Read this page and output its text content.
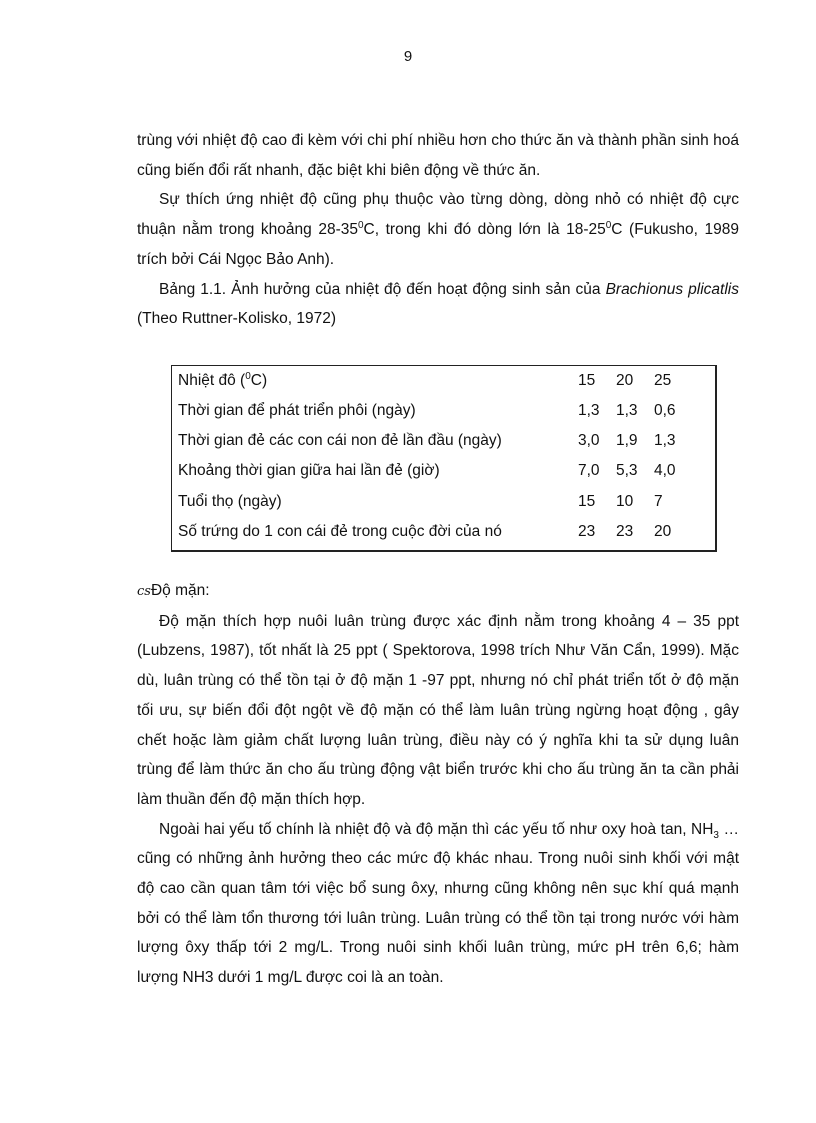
9

trùng với nhiệt độ cao đi kèm với chi phí nhiều hơn cho thức ăn và thành phần sinh hoá cũng biến đổi rất nhanh, đặc biệt khi biên động về thức ăn.

Sự thích ứng nhiệt độ cũng phụ thuộc vào từng dòng, dòng nhỏ có nhiệt độ cực thuận nằm trong khoảng $28-35^0C$, trong khi đó dòng lớn là $18-25^0C$ (Fukusho, 1989 trích bởi Cái Ngọc Bảo Anh).

Bảng 1.1. Ảnh hưởng của nhiệt độ đến hoạt động sinh sản của Brachionus plicatlis (Theo Ruttner-Kolisko, 1972)

Nhiệt đô ($^0$C)	15	20	25
Thời gian để phát triển phôi (ngày)	1,3	1,3	0,6
Thời gian đẻ các con cái non đẻ lần đầu (ngày)	3,0	1,9	1,3
Khoảng thời gian giữa hai lần đẻ (giờ)	7,0	5,3	4,0
Tuổi thọ (ngày)	15	10	7
Số trứng do 1 con cái đẻ trong cuộc đời của nó	23	23	20

csĐộ mặn:

Độ mặn thích hợp nuôi luân trùng được xác định nằm trong khoảng 4 – 35 ppt (Lubzens, 1987), tốt nhất là 25 ppt ( Spektorova, 1998 trích Như Văn Cẩn, 1999). Mặc dù, luân trùng có thể tồn tại ở độ mặn 1 -97 ppt, nhưng nó chỉ phát triển tốt ở độ mặn tối ưu, sự biến đổi đột ngột về độ mặn có thể làm luân trùng ngừng hoạt động , gây chết hoặc làm giảm chất lượng luân trùng, điều này có ý nghĩa khi ta sử dụng luân trùng để làm thức ăn cho ấu trùng động vật biển trước khi cho ấu trùng ăn ta cần phải làm thuần đến độ mặn thích hợp.

Ngoài hai yếu tố chính là nhiệt độ và độ mặn thì các yếu tố như oxy hoà tan, $NH_3$ … cũng có những ảnh hưởng theo các mức độ khác nhau. Trong nuôi sinh khối với mật độ cao cần quan tâm tới việc bổ sung ôxy, nhưng cũng không nên sục khí quá mạnh bởi có thể làm tổn thương tới luân trùng. Luân trùng có thể tồn tại trong nước với hàm lượng ôxy thấp tới 2 mg/L. Trong nuôi sinh khối luân trùng, mức pH trên 6,6; hàm lượng NH3 dưới 1 mg/L được coi là an toàn.
